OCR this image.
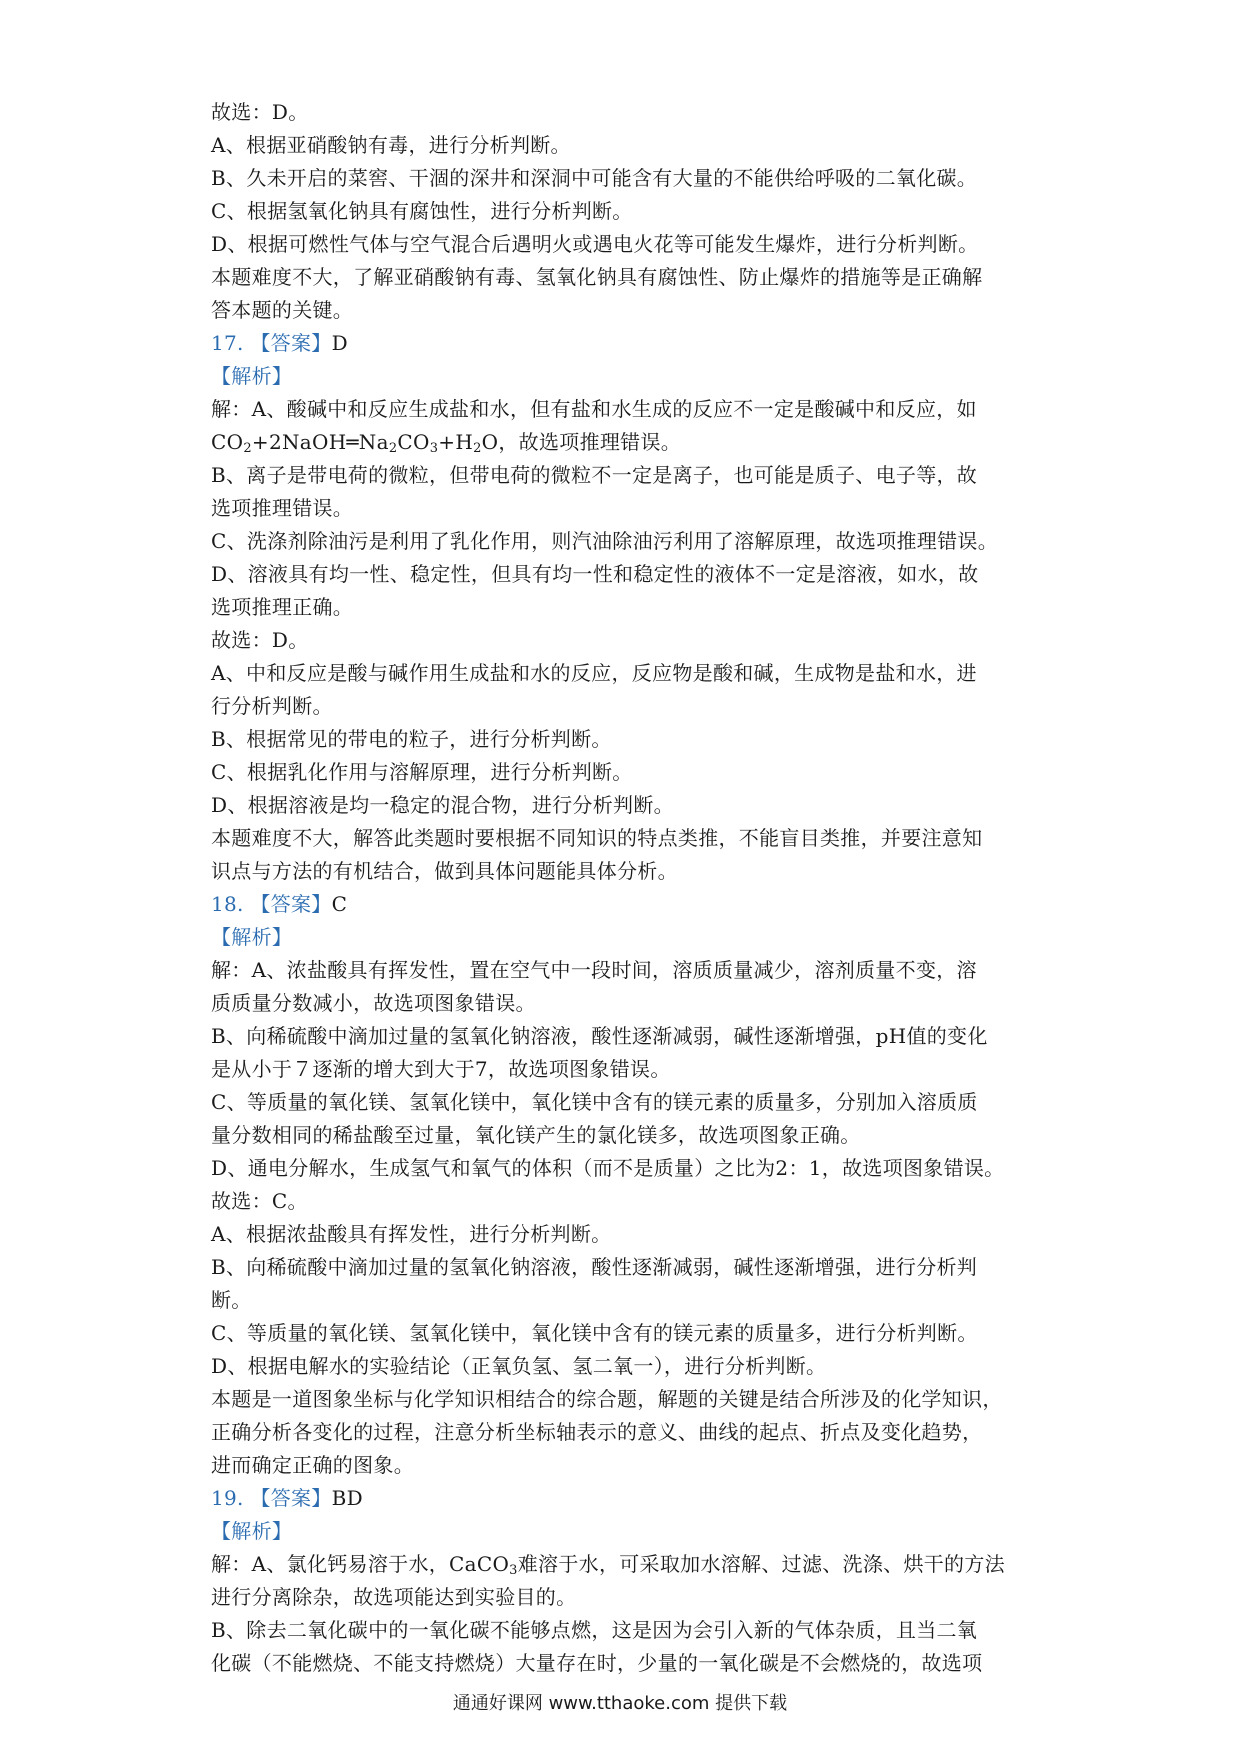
故选：D。
A、根据亚硝酸钠有毒，进行分析判断。
B、久未开启的菜窖、干涸的深井和深洞中可能含有大量的不能供给呼吸的二氧化碳。
C、根据氢氧化钠具有腐蚀性，进行分析判断。
D、根据可燃性气体与空气混合后遇明火或遇电火花等可能发生爆炸，进行分析判断。
本题难度不大，了解亚硝酸钠有毒、氢氧化钠具有腐蚀性、防止爆炸的措施等是正确解
答本题的关键。
17. 【答案】D
【解析】
解：A、酸碱中和反应生成盐和水，但有盐和水生成的反应不一定是酸碱中和反应，如
$CO_2+2NaOH═Na_2CO_3+H_2O$，故选项推理错误。
B、离子是带电荷的微粒，但带电荷的微粒不一定是离子，也可能是质子、电子等，故
选项推理错误。
C、洗涤剂除油污是利用了乳化作用，则汽油除油污利用了溶解原理，故选项推理错误。
D、溶液具有均一性、稳定性，但具有均一性和稳定性的液体不一定是溶液，如水，故
选项推理正确。
故选：D。
A、中和反应是酸与碱作用生成盐和水的反应，反应物是酸和碱，生成物是盐和水，进
行分析判断。
B、根据常见的带电的粒子，进行分析判断。
C、根据乳化作用与溶解原理，进行分析判断。
D、根据溶液是均一稳定的混合物，进行分析判断。
本题难度不大，解答此类题时要根据不同知识的特点类推，不能盲目类推，并要注意知
识点与方法的有机结合，做到具体问题能具体分析。
18. 【答案】C
【解析】
解：A、浓盐酸具有挥发性，置在空气中一段时间，溶质质量减少，溶剂质量不变，溶
质质量分数减小，故选项图象错误。
B、向稀硫酸中滴加过量的氢氧化钠溶液，酸性逐渐减弱，碱性逐渐增强，pH值的变化
是从小于７逐渐的增大到大于7，故选项图象错误。
C、等质量的氧化镁、氢氧化镁中，氧化镁中含有的镁元素的质量多，分别加入溶质质
量分数相同的稀盐酸至过量，氧化镁产生的氯化镁多，故选项图象正确。
D、通电分解水，生成氢气和氧气的体积（而不是质量）之比为2：1，故选项图象错误。
故选：C。
A、根据浓盐酸具有挥发性，进行分析判断。
B、向稀硫酸中滴加过量的氢氧化钠溶液，酸性逐渐减弱，碱性逐渐增强，进行分析判
断。
C、等质量的氧化镁、氢氧化镁中，氧化镁中含有的镁元素的质量多，进行分析判断。
D、根据电解水的实验结论（正氧负氢、氢二氧一），进行分析判断。
本题是一道图象坐标与化学知识相结合的综合题，解题的关键是结合所涉及的化学知识，
正确分析各变化的过程，注意分析坐标轴表示的意义、曲线的起点、折点及变化趋势，
进而确定正确的图象。
19. 【答案】BD
【解析】
解：A、氯化钙易溶于水，CaCO$_3$难溶于水，可采取加水溶解、过滤、洗涤、烘干的方法
进行分离除杂，故选项能达到实验目的。
B、除去二氧化碳中的一氧化碳不能够点燃，这是因为会引入新的气体杂质，且当二氧
化碳（不能燃烧、不能支持燃烧）大量存在时，少量的一氧化碳是不会燃烧的，故选项
通通好课网 www.tthaoke.com 提供下载
